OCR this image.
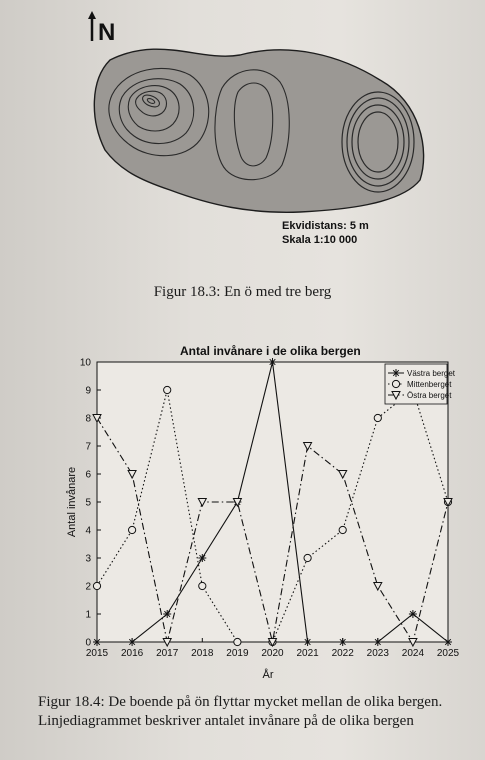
N
Ekvidistans: 5 m
Skala 1:10 000
Figur 18.3: En ö med tre berg
Antal invånare i de olika bergen
År
Antal invånare
2015 2016 2017 2018 2019 2020 2021 2022 2023 2024 2025
0
1
2
3
4
5
6
7
8
9
10
Västra berget
Mittenberget
Östra berget
Figur 18.4: De boende på ön flyttar mycket mellan de olika bergen. Linjediagrammet beskriver antalet invånare på de olika bergen
